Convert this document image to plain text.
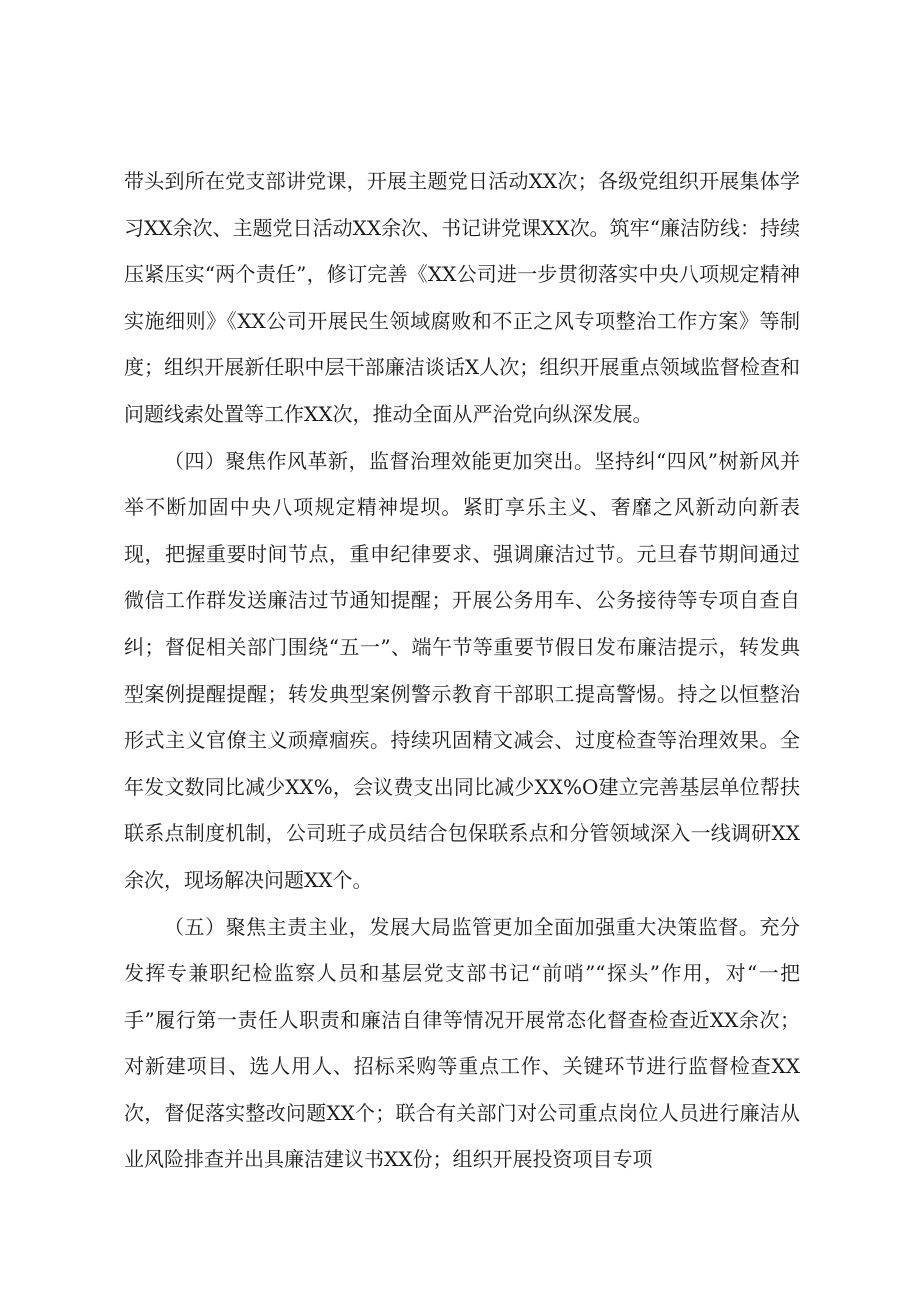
带头到所在党支部讲党课，开展主题党日活动XX次；各级党组织开展集体学习XX余次、主题党日活动XX余次、书记讲党课XX次。筑牢“廉洁防线：持续压紧压实“两个责任”，修订完善《XX公司进一步贯彻落实中央八项规定精神实施细则》《XX公司开展民生领域腐败和不正之风专项整治工作方案》等制度；组织开展新任职中层干部廉洁谈话X人次；组织开展重点领域监督检查和问题线索处置等工作XX次，推动全面从严治党向纵深发展。

（四）聚焦作风革新，监督治理效能更加突出。坚持纠“四风”树新风并举不断加固中央八项规定精神堤坝。紧盯享乐主义、奢靡之风新动向新表现，把握重要时间节点，重申纪律要求、强调廉洁过节。元旦春节期间通过微信工作群发送廉洁过节通知提醒；开展公务用车、公务接待等专项自查自纠；督促相关部门围绕“五一”、端午节等重要节假日发布廉洁提示，转发典型案例提醒提醒；转发典型案例警示教育干部职工提高警惕。持之以恒整治形式主义官僚主义顽瘴痼疾。持续巩固精文减会、过度检查等治理效果。全年发文数同比减少XX%，会议费支出同比减少XX%O建立完善基层单位帮扶联系点制度机制，公司班子成员结合包保联系点和分管领域深入一线调研XX余次，现场解决问题XX个。

（五）聚焦主责主业，发展大局监管更加全面加强重大决策监督。充分发挥专兼职纪检监察人员和基层党支部书记“前哨”“探头”作用，对“一把手”履行第一责任人职责和廉洁自律等情况开展常态化督查检查近XX余次；对新建项目、选人用人、招标采购等重点工作、关键环节进行监督检查XX次，督促落实整改问题XX个；联合有关部门对公司重点岗位人员进行廉洁从业风险排查并出具廉洁建议书XX份；组织开展投资项目专项
